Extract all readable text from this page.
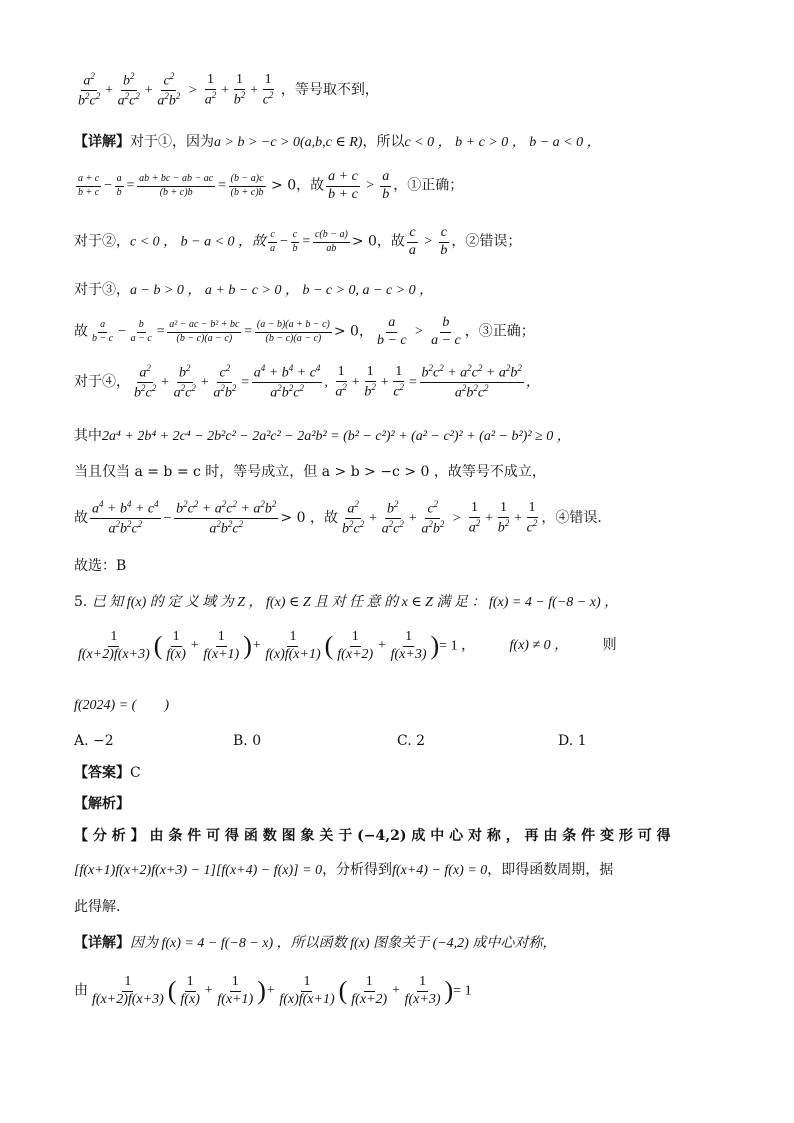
$\frac{a^2}{b^2c^2} + \frac{b^2}{a^2c^2} + \frac{c^2}{a^2b^2} > \frac{1}{a^2} + \frac{1}{b^2} + \frac{1}{c^2}$ ，等号取不到，
【详解】对于①，因为a > b > −c > 0(a,b,c ∈ R)，所以c < 0 ， b + c > 0 ， b − a < 0 ，
$\frac{a + c}{b + c} - \frac{a}{b} = \frac{ab + bc - ab - ac}{(b + c)b} = \frac{(b - a)c}{(b + c)b} > 0$，故 $\frac{a + c}{b + c} > \frac{a}{b}$ ，①正确；
对于②，c < 0 ， b − a < 0 ，故 $\frac{c}{a} - \frac{c}{b} = \frac{c(b - a)}{ab} > 0$，故 $\frac{c}{a} > \frac{c}{b}$ ，②错误；
对于③，a − b > 0 ， a + b − c > 0 ， b − c > 0, a − c > 0 ，
故 $\frac{a}{b - c} - \frac{b}{a - c} = \frac{\text{a² − ac − b² + bc}}{(b - c)(a - c)} = \frac{(a - b)(a + b - c)}{(b - c)(a - c)} > 0$， $\frac{a}{b - c} > \frac{b}{a - c}$ ，③正确；
对于④， $\frac{a^2}{b^2c^2} + \frac{b^2}{a^2c^2} + \frac{c^2}{a^2b^2} = \frac{a^4 + b^4 + c^4}{a^2b^2c^2}$ , $\frac{1}{a^2} + \frac{1}{b^2} + \frac{1}{c^2} = \frac{b^2c^2 + a^2c^2 + a^2b^2}{a^2b^2c^2}$ ，
其中2a⁴ + 2b⁴ + 2c⁴ − 2b²c² − 2a²c² − 2a²b² = (b² − c²)² + (a² − c²)² + (a² − b²)² ≥ 0 ，
当且仅当 a = b = c 时，等号成立，但 a > b > −c > 0 ，故等号不成立，
故 $\frac{a^4 + b^4 + c^4}{a^2b^2c^2} - \frac{b^2c^2 + a^2c^2 + a^2b^2}{a^2b^2c^2} > 0$ ，故 $\frac{a^2}{b^2c^2} + \frac{b^2}{a^2c^2} + \frac{c^2}{a^2b^2} > \frac{1}{a^2} + \frac{1}{b^2} + \frac{1}{c^2}$ ，④错误.
故选：B
5. 已 知 f(x) 的 定 义 域 为 Z ， f(x) ∈ Z 且 对 任 意 的 x ∈ Z 满 足 ： f(x) = 4 − f(−8 − x) ，
$\frac{1}{f(x+2)f(x+3)}$ ( $\frac{1}{f(x)} + \frac{1}{f(x+1)}$ )+ $\frac{1}{f(x)f(x+1)}$ ( $\frac{1}{f(x+2)} + \frac{1}{f(x+3)}$ )= 1 ， f(x) ≠ 0 ， 则
f(2024) = (　　)
A. −2	B. 0	C. 2	D. 1
【答案】C
【解析】
【 分 析 】 由 条 件 可 得 函 数 图 象 关 于 (−4,2) 成 中 心 对 称 ， 再 由 条 件 变 形 可 得
[f(x+1)f(x+2)f(x+3) − 1][f(x+4) − f(x)] = 0，分析得到f(x+4) − f(x) = 0，即得函数周期，据
此得解.
【详解】因为 f(x) = 4 − f(−8 − x) ，所以函数 f(x) 图象关于 (−4,2) 成中心对称，
由 $\frac{1}{f(x+2)f(x+3)}$ ( $\frac{1}{f(x)} + \frac{1}{f(x+1)}$ )+ $\frac{1}{f(x)f(x+1)}$ ( $\frac{1}{f(x+2)} + \frac{1}{f(x+3)}$ )= 1
